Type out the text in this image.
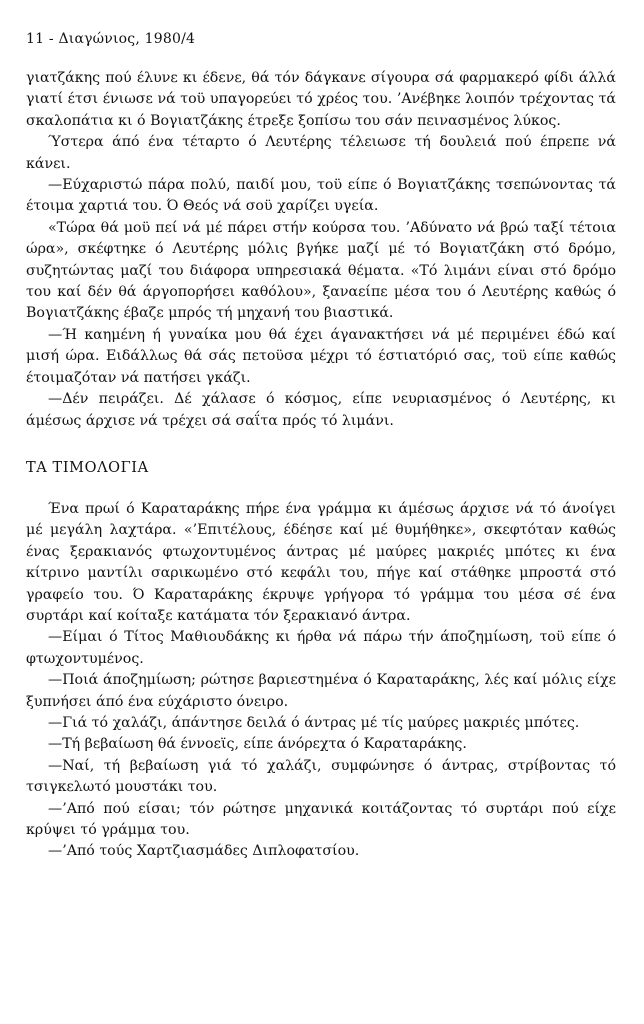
11 - Διαγώνιος, 1980/4

γιατζάκης πού έλυνε κι έδενε, θά τόν δάγκανε σίγουρα σά φαρμακερό φίδι άλλά γιατί έτσι ένιωσε νά τοϋ υπαγορεύει τό χρέος του. ’Ανέβηκε λοιπόν τρέχοντας τά σκαλοπάτια κι ό Βογιατζάκης έτρεξε ξοπίσω του σάν πεινασμένος λύκος.

Ύστερα άπό ένα τέταρτο ό Λευτέρης τέλειωσε τή δουλειά πού έπρεπε νά κάνει.

—Εύχαριστώ πάρα πολύ, παιδί μου, τοϋ είπε ό Βογιατζάκης τσεπώνοντας τά έτοιμα χαρτιά του. Ό Θεός νά σοϋ χαρίζει υγεία.

«Τώρα θά μοϋ πεί νά μέ πάρει στήν κούρσα του. ’Αδύνατο νά βρώ ταξί τέτοια ώρα», σκέφτηκε ό Λευτέρης μόλις βγήκε μαζί μέ τό Βογιατζάκη στό δρόμο, συζητώντας μαζί του διάφορα υπηρεσιακά θέματα. «Τό λιμάνι είναι στό δρόμο του καί δέν θά άργοπορήσει καθόλου», ξαναείπε μέσα του ό Λευτέρης καθώς ό Βογιατζάκης έβαζε μπρός τή μηχανή του βιαστικά.

—Ή καημένη ή γυναίκα μου θά έχει άγανακτήσει νά μέ περιμένει έδώ καί μισή ώρα. Ειδάλλως θά σάς πετοϋσα μέχρι τό έστιατόριό σας, τοϋ είπε καθώς έτοιμαζόταν νά πατήσει γκάζι.

—Δέν πειράζει. Δέ χάλασε ό κόσμος, είπε νευριασμένος ό Λευτέρης, κι άμέσως άρχισε νά τρέχει σά σαΐτα πρός τό λιμάνι.

ΤΑ ΤΙΜΟΛΟΓΙΑ

Ένα πρωί ό Καραταράκης πήρε ένα γράμμα κι άμέσως άρχισε νά τό άνοίγει μέ μεγάλη λαχτάρα. «’Επιτέλους, έδέησε καί μέ θυμήθηκε», σκεφτόταν καθώς ένας ξερακιανός φτωχοντυμένος άντρας μέ μαύρες μακριές μπότες κι ένα κίτρινο μαντίλι σαρικωμένο στό κεφάλι του, πήγε καί στάθηκε μπροστά στό γραφείο του. Ό Καραταράκης έκρυψε γρήγορα τό γράμμα του μέσα σέ ένα συρτάρι καί κοίταξε κατάματα τόν ξερακιανό άντρα.

—Είμαι ό Τίτος Μαθιουδάκης κι ήρθα νά πάρω τήν άποζημίωση, τοϋ είπε ό φτωχοντυμένος.

—Ποιά άποζημίωση; ρώτησε βαριεστημένα ό Καραταράκης, λές καί μόλις είχε ξυπνήσει άπό ένα εύχάριστο όνειρο.

—Γιά τό χαλάζι, άπάντησε δειλά ό άντρας μέ τίς μαύρες μακριές μπότες.

—Τή βεβαίωση θά έννοεϊς, είπε άνόρεχτα ό Καραταράκης.

—Ναί, τή βεβαίωση γιά τό χαλάζι, συμφώνησε ό άντρας, στρίβοντας τό τσιγκελωτό μουστάκι του.

—’Από πού είσαι; τόν ρώτησε μηχανικά κοιτάζοντας τό συρτάρι πού είχε κρύψει τό γράμμα του.

—’Από τούς Χαρτζιασμάδες Διπλοφατσίου.
